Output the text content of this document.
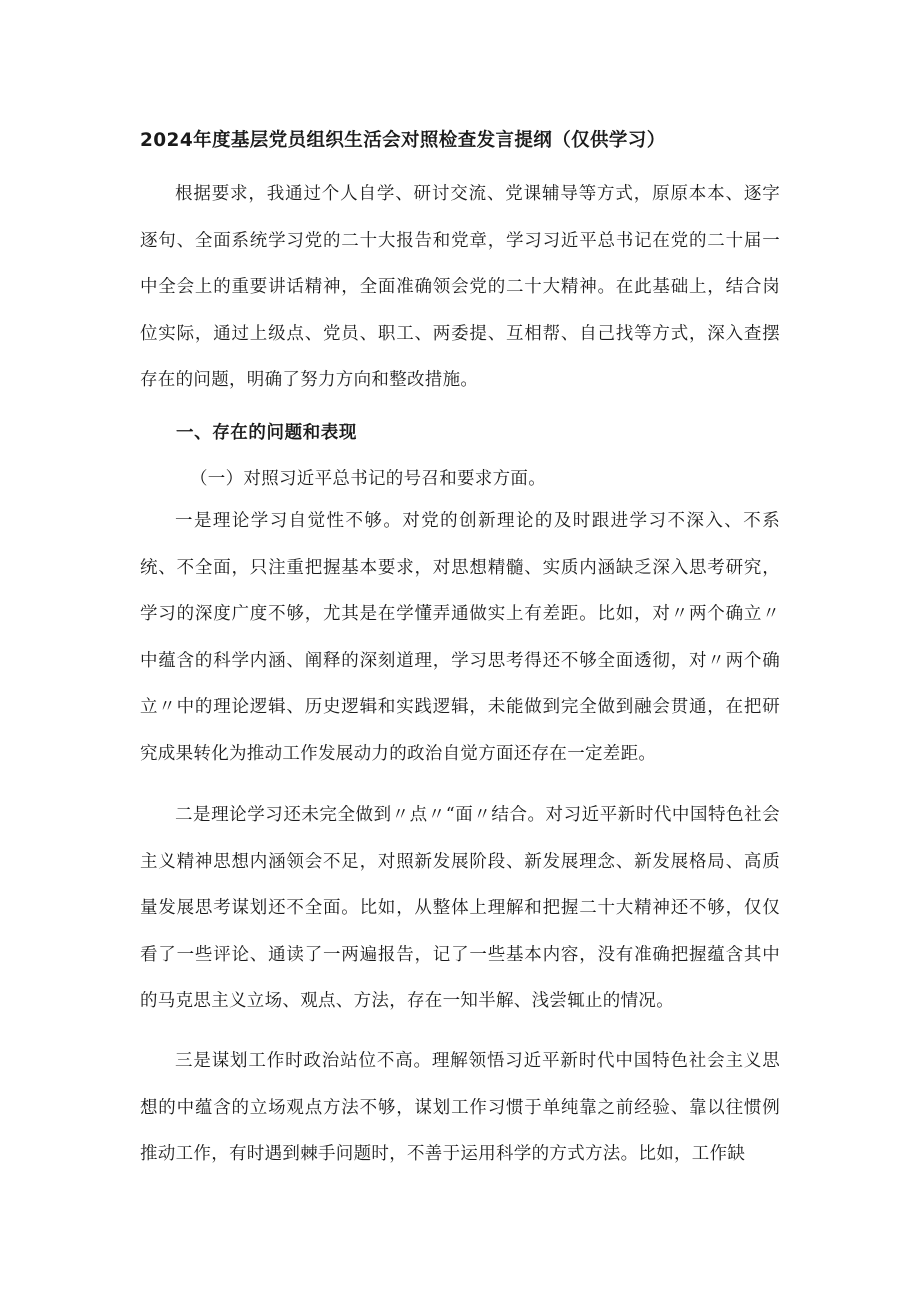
2024年度基层党员组织生活会对照检查发言提纲（仅供学习）

根据要求，我通过个人自学、研讨交流、党课辅导等方式，原原本本、逐字逐句、全面系统学习党的二十大报告和党章，学习习近平总书记在党的二十届一中全会上的重要讲话精神，全面准确领会党的二十大精神。在此基础上，结合岗位实际，通过上级点、党员、职工、两委提、互相帮、自己找等方式，深入查摆存在的问题，明确了努力方向和整改措施。

一、存在的问题和表现

（一）对照习近平总书记的号召和要求方面。

一是理论学习自觉性不够。对党的创新理论的及时跟进学习不深入、不系统、不全面，只注重把握基本要求，对思想精髓、实质内涵缺乏深入思考研究，学习的深度广度不够，尤其是在学懂弄通做实上有差距。比如，对〃两个确立〃中蕴含的科学内涵、阐释的深刻道理，学习思考得还不够全面透彻，对〃两个确立〃中的理论逻辑、历史逻辑和实践逻辑，未能做到完全做到融会贯通，在把研究成果转化为推动工作发展动力的政治自觉方面还存在一定差距。

二是理论学习还未完全做到〃点〃“面〃结合。对习近平新时代中国特色社会主义精神思想内涵领会不足，对照新发展阶段、新发展理念、新发展格局、高质量发展思考谋划还不全面。比如，从整体上理解和把握二十大精神还不够，仅仅看了一些评论、通读了一两遍报告，记了一些基本内容，没有准确把握蕴含其中的马克思主义立场、观点、方法，存在一知半解、浅尝辄止的情况。

三是谋划工作时政治站位不高。理解领悟习近平新时代中国特色社会主义思想的中蕴含的立场观点方法不够，谋划工作习惯于单纯靠之前经验、靠以往惯例推动工作，有时遇到棘手问题时，不善于运用科学的方式方法。比如，工作缺
